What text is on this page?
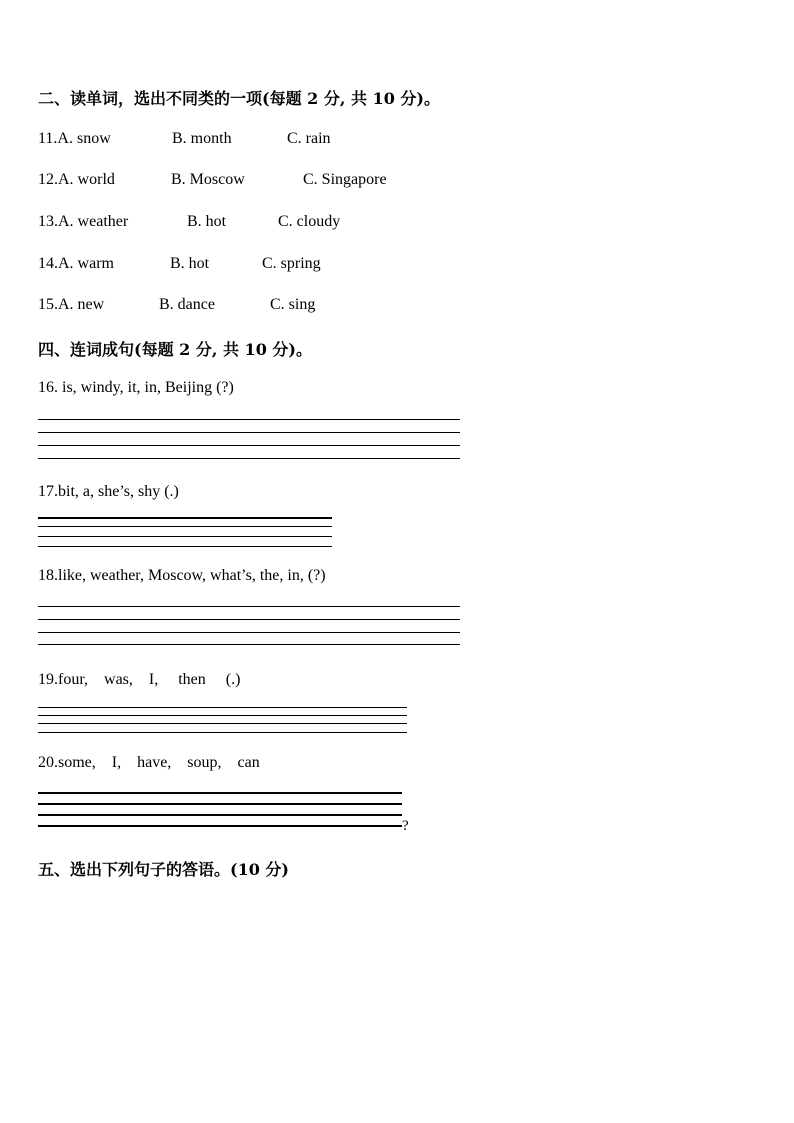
二、读单词，选出不同类的一项(每题 2 分, 共 10 分)。
11.A. snow	B. month	C. rain
12.A. world	B. Moscow	C. Singapore
13.A. weather	B. hot	C. cloudy
14.A. warm	B. hot	C. spring
15.A. new	B. dance	C. sing
四、连词成句(每题 2 分, 共 10 分)。
16. is, windy, it, in, Beijing (?)
17.bit, a, she’s, shy (.)
18.like, weather, Moscow, what’s, the, in, (?)
19.four,    was,    I,     then     (.)
20.some,    I,    have,    soup,    can
?
五、选出下列句子的答语。(10 分)
